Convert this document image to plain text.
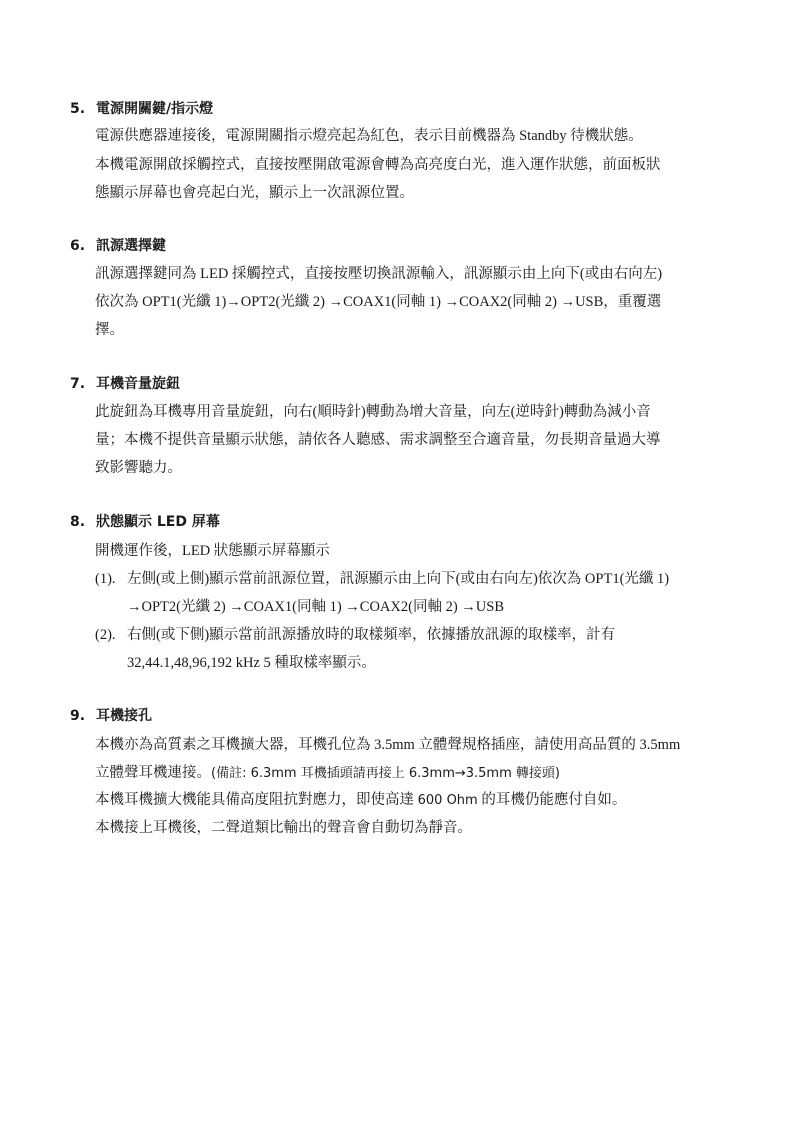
5. 電源開關鍵/指示燈
電源供應器連接後，電源開關指示燈亮起為紅色，表示目前機器為 Standby 待機狀態。
本機電源開啟採觸控式，直接按壓開啟電源會轉為高亮度白光，進入運作狀態，前面板狀
態顯示屏幕也會亮起白光，顯示上一次訊源位置。
6. 訊源選擇鍵
訊源選擇鍵同為 LED 採觸控式，直接按壓切換訊源輸入，訊源顯示由上向下(或由右向左)
依次為 OPT1(光纖 1)→OPT2(光纖 2) →COAX1(同軸 1) →COAX2(同軸 2) →USB，重覆選
擇。
7. 耳機音量旋鈕
此旋鈕為耳機專用音量旋鈕，向右(順時針)轉動為增大音量，向左(逆時針)轉動為減小音
量；本機不提供音量顯示狀態，請依各人聽感、需求調整至合適音量，勿長期音量過大導
致影響聽力。
8. 狀態顯示 LED 屏幕
開機運作後，LED 狀態顯示屏幕顯示
(1). 左側(或上側)顯示當前訊源位置，訊源顯示由上向下(或由右向左)依次為 OPT1(光纖 1)
→OPT2(光纖 2) →COAX1(同軸 1) →COAX2(同軸 2) →USB
(2). 右側(或下側)顯示當前訊源播放時的取樣頻率，依據播放訊源的取樣率，計有
32,44.1,48,96,192 kHz 5 種取樣率顯示。
9. 耳機接孔
本機亦為高質素之耳機擴大器，耳機孔位為 3.5mm 立體聲規格插座，請使用高品質的 3.5mm
立體聲耳機連接。(備註: 6.3mm 耳機插頭請再接上 6.3mm→3.5mm 轉接頭)
本機耳機擴大機能具備高度阻抗對應力，即使高達 600 Ohm 的耳機仍能應付自如。
本機接上耳機後，二聲道類比輸出的聲音會自動切為靜音。
